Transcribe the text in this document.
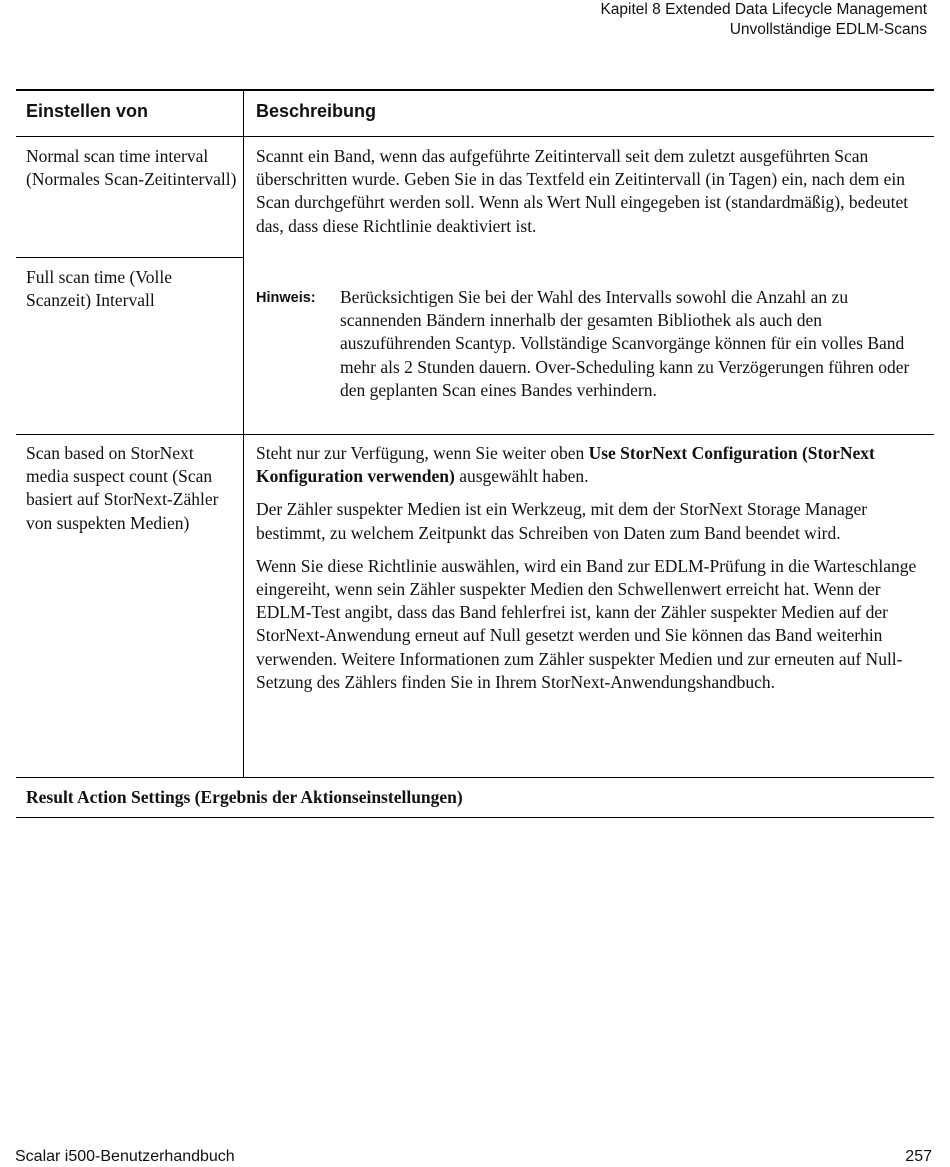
Kapitel 8 Extended Data Lifecycle Management
Unvollständige EDLM-Scans
Einstellen von	Beschreibung
Normal scan time interval (Normales Scan-Zeitintervall)
Full scan time (Volle Scanzeit) Intervall
Scannt ein Band, wenn das aufgeführte Zeitintervall seit dem zuletzt ausgeführten Scan überschritten wurde. Geben Sie in das Textfeld ein Zeitintervall (in Tagen) ein, nach dem ein Scan durchgeführt werden soll. Wenn als Wert Null eingegeben ist (standardmäßig), bedeutet das, dass diese Richtlinie deaktiviert ist.
Hinweis: Berücksichtigen Sie bei der Wahl des Intervalls sowohl die Anzahl an zu scannenden Bändern innerhalb der gesamten Bibliothek als auch den auszuführenden Scantyp. Vollständige Scanvorgänge können für ein volles Band mehr als 2 Stunden dauern. Over-Scheduling kann zu Verzögerungen führen oder den geplanten Scan eines Bandes verhindern.
Scan based on StorNext media suspect count (Scan basiert auf StorNext-Zähler von suspekten Medien)

Steht nur zur Verfügung, wenn Sie weiter oben Use StorNext Configuration (StorNext Konfiguration verwenden) ausgewählt haben.

Der Zähler suspekter Medien ist ein Werkzeug, mit dem der StorNext Storage Manager bestimmt, zu welchem Zeitpunkt das Schreiben von Daten zum Band beendet wird.

Wenn Sie diese Richtlinie auswählen, wird ein Band zur EDLM-Prüfung in die Warteschlange eingereiht, wenn sein Zähler suspekter Medien den Schwellenwert erreicht hat. Wenn der EDLM-Test angibt, dass das Band fehlerfrei ist, kann der Zähler suspekter Medien auf der StorNext-Anwendung erneut auf Null gesetzt werden und Sie können das Band weiterhin verwenden. Weitere Informationen zum Zähler suspekter Medien und zur erneuten auf Null-Setzung des Zählers finden Sie in Ihrem StorNext-Anwendungshandbuch.

Result Action Settings (Ergebnis der Aktionseinstellungen)
Scalar i500-Benutzerhandbuch	257
